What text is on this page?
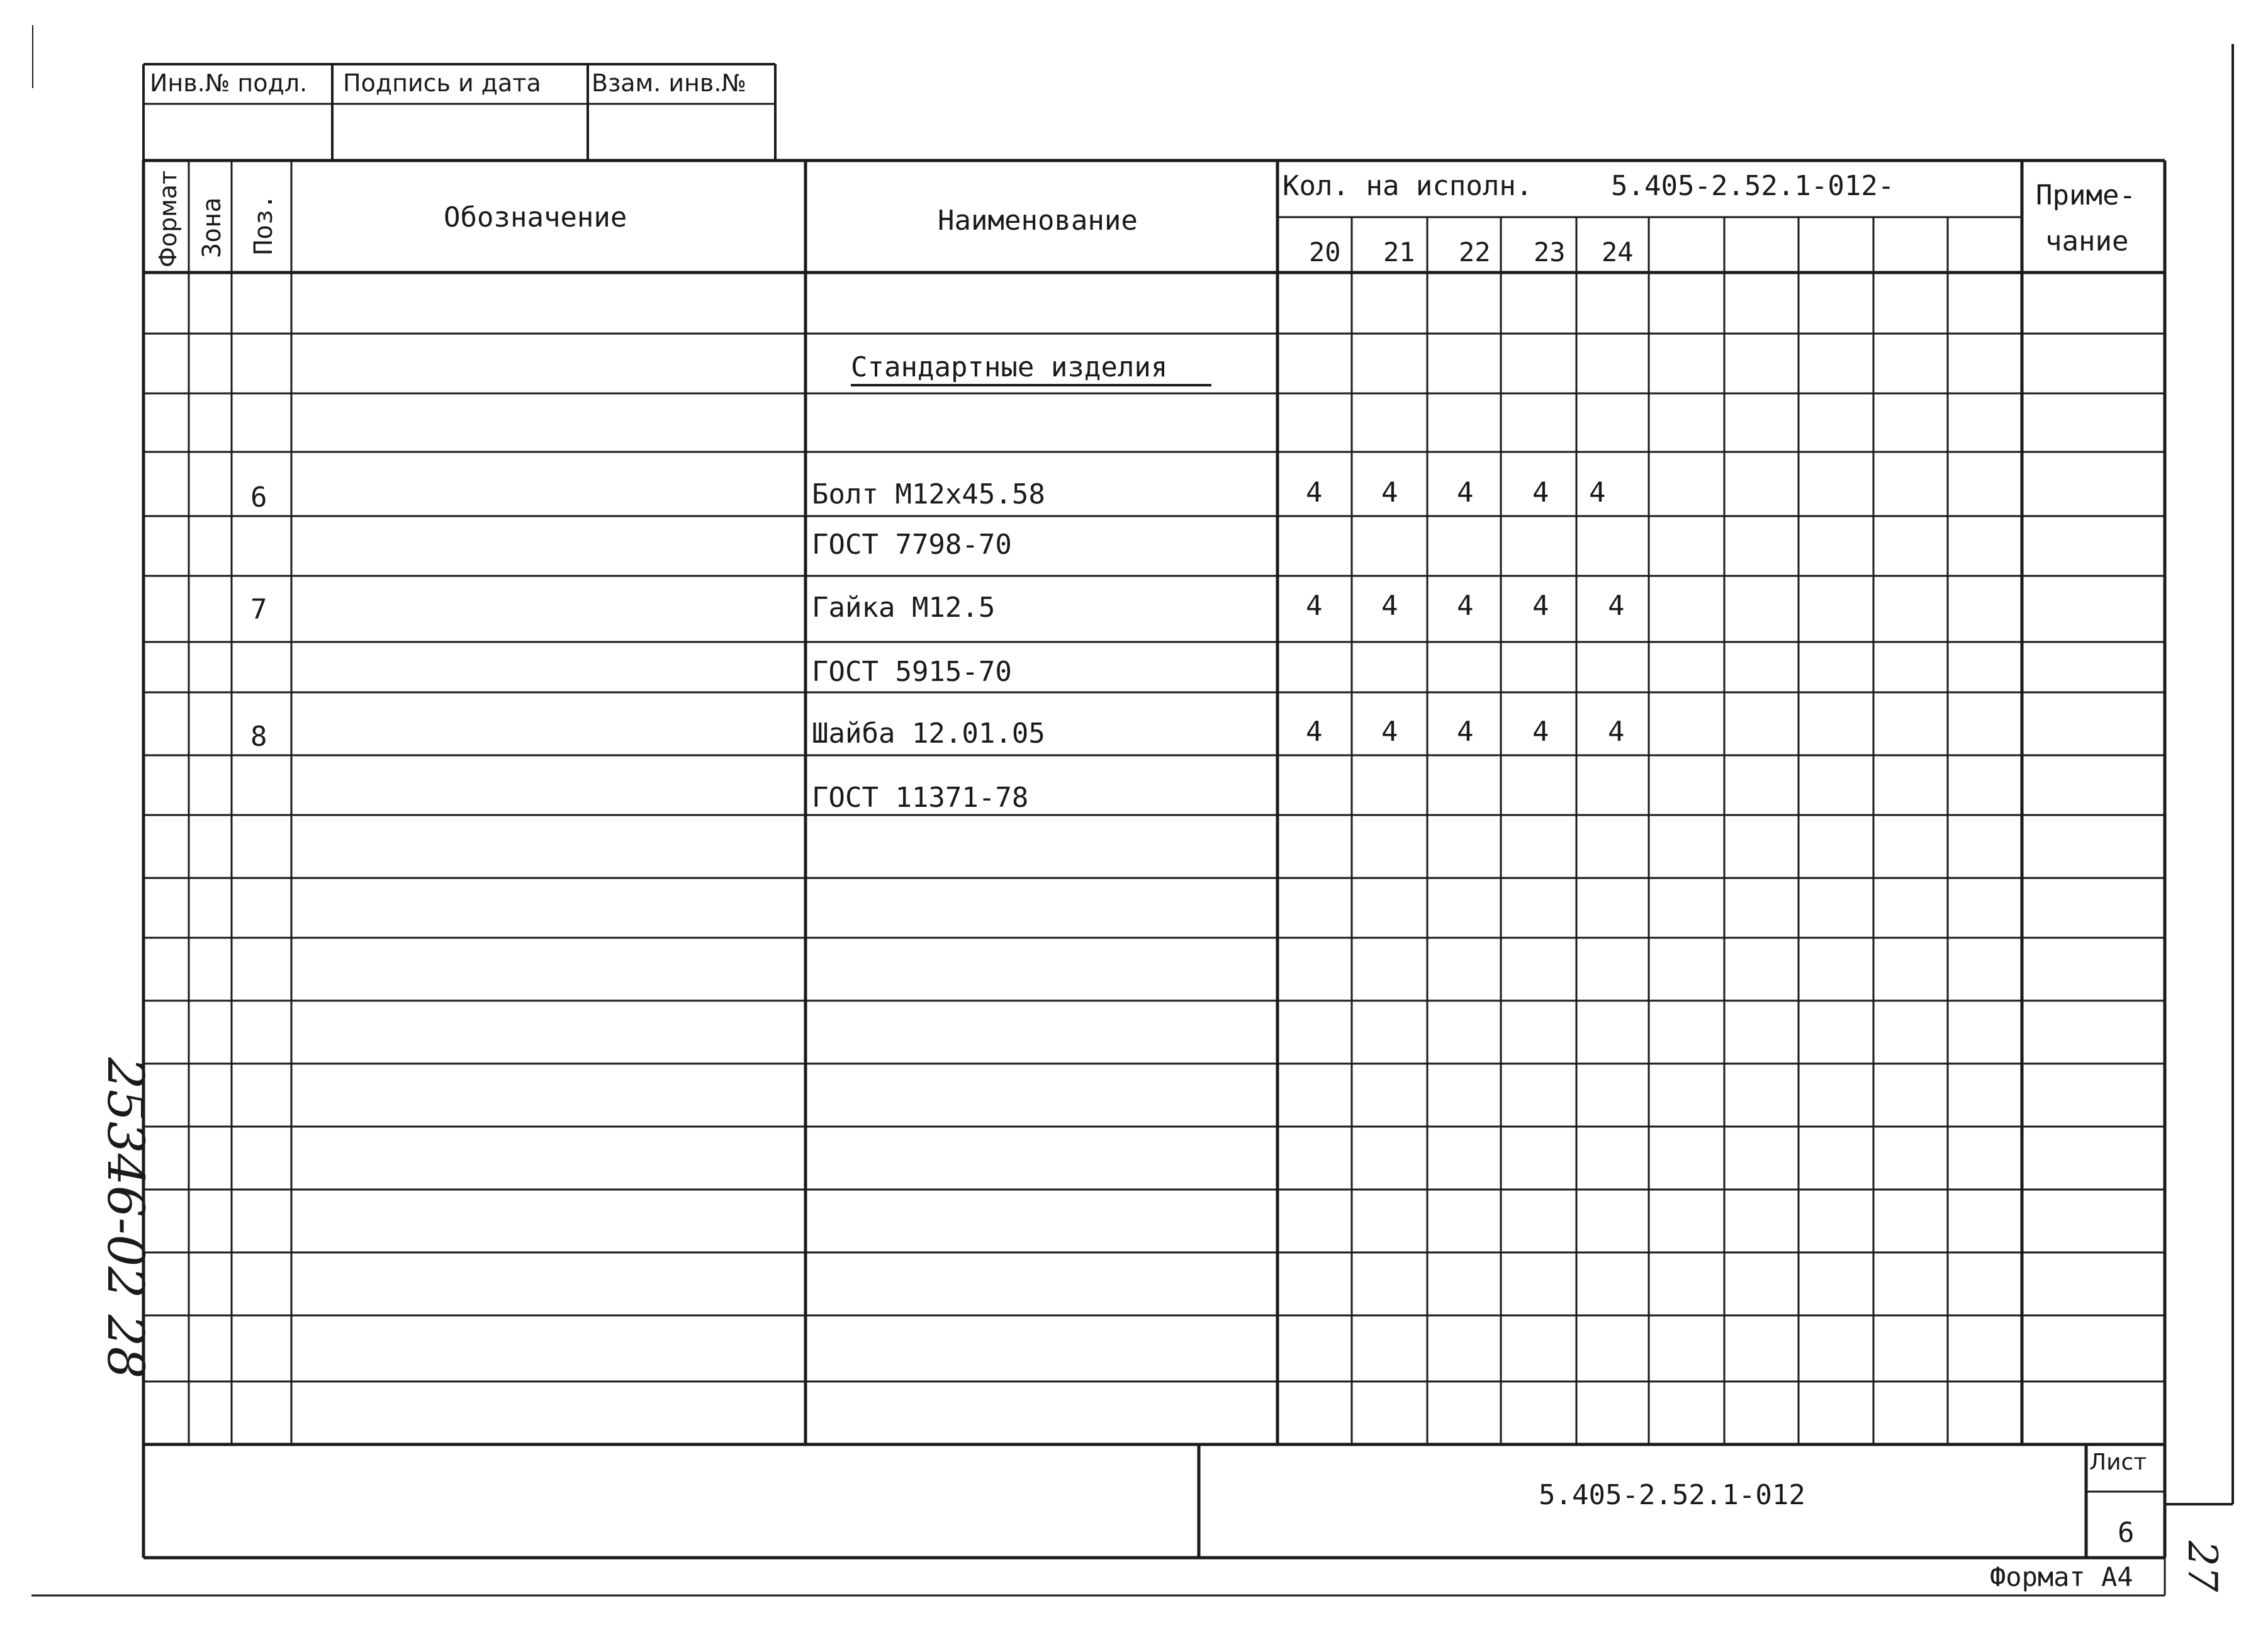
Инв.№ подл. Подпись и дата Взам. инв.№
Формат Зона Поз.	Обозначение	Наименование
Кол. на исполн.	5.405-2.52.1-012-	Приме-
чание
20 21 22 23 24
Стандартные изделия
6	Болт М12х45.58	4 4 4 4 4
ГОСТ 7798-70
7	Гайка М12.5	4 4 4 4 4
ГОСТ 5915-70
8	Шайба 12.01.05	4 4 4 4 4
ГОСТ 11371-78
5.405-2.52.1-012
Лист
6
Формат А4
25346-02 28
27
